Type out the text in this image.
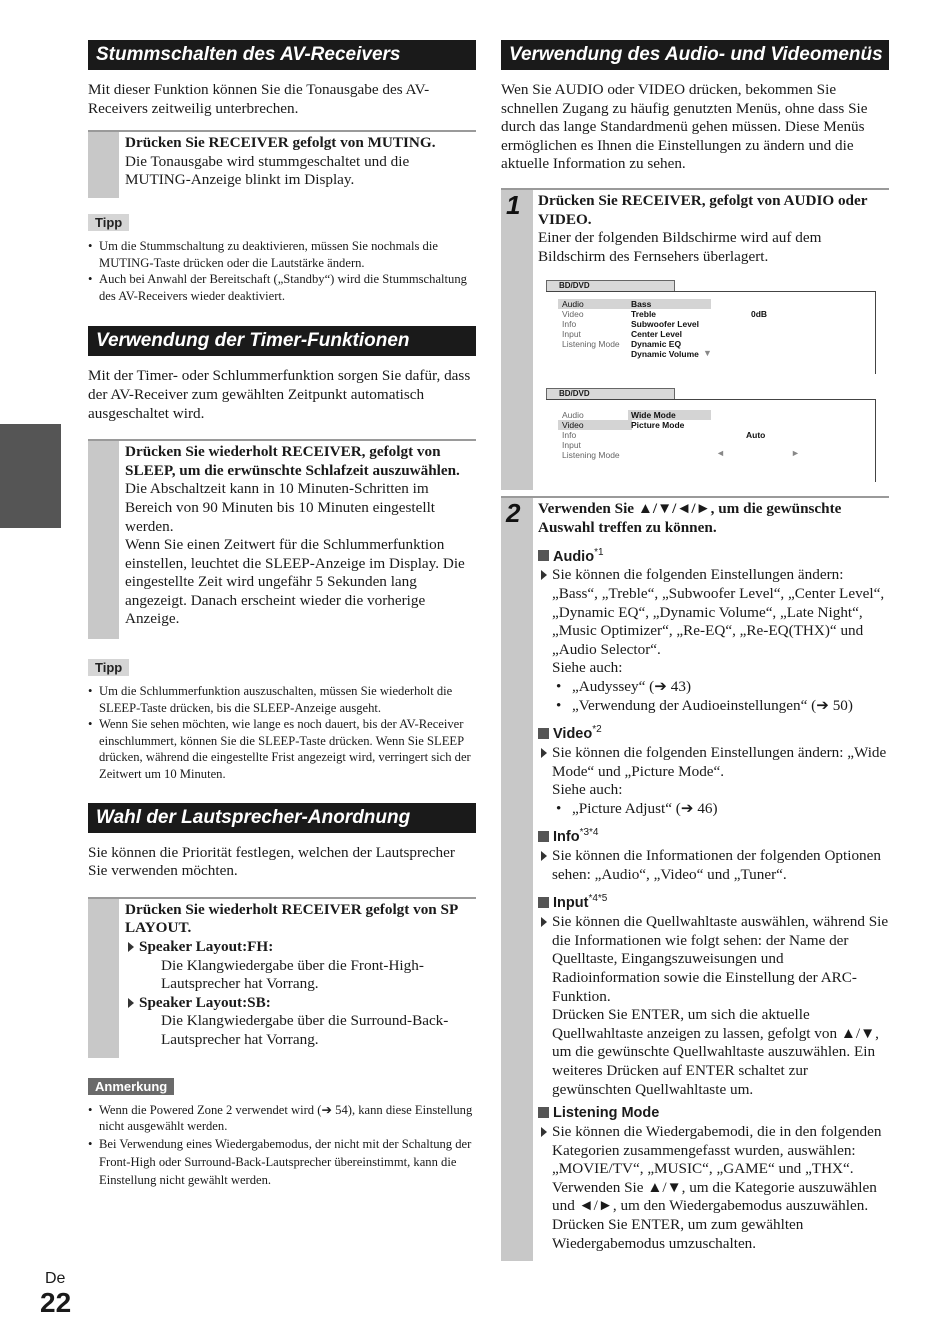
Stummschalten des AV-Receivers

Mit dieser Funktion können Sie die Tonausgabe des AV-Receivers zeitweilig unterbrechen.

Drücken Sie RECEIVER gefolgt von MUTING.
Die Tonausgabe wird stummgeschaltet und die MUTING-Anzeige blinkt im Display.
Tipp
• Um die Stummschaltung zu deaktivieren, müssen Sie nochmals die MUTING-Taste drücken oder die Lautstärke ändern.
• Auch bei Anwahl der Bereitschaft („Standby“) wird die Stummschaltung des AV-Receivers wieder deaktiviert.
Verwendung der Timer-Funktionen

Mit der Timer- oder Schlummerfunktion sorgen Sie dafür, dass der AV-Receiver zum gewählten Zeitpunkt automatisch ausgeschaltet wird.

Drücken Sie wiederholt RECEIVER, gefolgt von SLEEP, um die erwünschte Schlafzeit auszuwählen.
Die Abschaltzeit kann in 10 Minuten-Schritten im Bereich von 90 Minuten bis 10 Minuten eingestellt werden.
Wenn Sie einen Zeitwert für die Schlummerfunktion einstellen, leuchtet die SLEEP-Anzeige im Display. Die eingestellte Zeit wird ungefähr 5 Sekunden lang angezeigt. Danach erscheint wieder die vorherige Anzeige.
Tipp
• Um die Schlummerfunktion auszuschalten, müssen Sie wiederholt die SLEEP-Taste drücken, bis die SLEEP-Anzeige ausgeht.
• Wenn Sie sehen möchten, wie lange es noch dauert, bis der AV-Receiver einschlummert, können Sie die SLEEP-Taste drücken. Wenn Sie SLEEP drücken, während die eingestellte Frist angezeigt wird, verringert sich der Zeitwert um 10 Minuten.
Wahl der Lautsprecher-Anordnung

Sie können die Priorität festlegen, welchen der Lautsprecher Sie verwenden möchten.

Drücken Sie wiederholt RECEIVER gefolgt von SP LAYOUT.
Speaker Layout:FH:
Die Klangwiedergabe über die Front-High-Lautsprecher hat Vorrang.
Speaker Layout:SB:
Die Klangwiedergabe über die Surround-Back-Lautsprecher hat Vorrang.
Anmerkung
• Wenn die Powered Zone 2 verwendet wird (➔ 54), kann diese Einstellung nicht ausgewählt werden.
• Bei Verwendung eines Wiedergabemodus, der nicht mit der Schaltung der Front-High oder Surround-Back-Lautsprecher übereinstimmt, kann die Einstellung nicht gewählt werden.
Verwendung des Audio- und Videomenüs

Wen Sie AUDIO oder VIDEO drücken, bekommen Sie schnellen Zugang zu häufig genutzten Menüs, ohne dass Sie durch das lange Standardmenü gehen müssen. Diese Menüs ermöglichen es Ihnen die Einstellungen zu ändern und die aktuelle Information zu sehen.

1 Drücken Sie RECEIVER, gefolgt von AUDIO oder VIDEO.
Einer der folgenden Bildschirme wird auf dem Bildschirm des Fernsehers überlagert.
BD/DVD
Audio
Video
Info
Input
Listening Mode
Bass
Treble
Subwoofer Level
Center Level
Dynamic EQ
Dynamic Volume
0dB
▼
BD/DVD
Audio
Video
Info
Input
Listening Mode
Wide Mode
Picture Mode
Auto
◄	►
2 Verwenden Sie ▲/▼/◄/►, um die gewünschte Auswahl treffen zu können.
Audio$^{*1}$
Sie können die folgenden Einstellungen ändern: „Bass“, „Treble“, „Subwoofer Level“, „Center Level“, „Dynamic EQ“, „Dynamic Volume“, „Late Night“, „Music Optimizer“, „Re-EQ“, „Re-EQ(THX)“ und „Audio Selector“.
Siehe auch:
• „Audyssey“ (➔ 43)
• „Verwendung der Audioeinstellungen“ (➔ 50)
Video$^{*2}$
Sie können die folgenden Einstellungen ändern: „Wide Mode“ und „Picture Mode“.
Siehe auch:
• „Picture Adjust“ (➔ 46)
Info$^{*3*4}$
Sie können die Informationen der folgenden Optionen sehen: „Audio“, „Video“ und „Tuner“.
Input$^{*4*5}$
Sie können die Quellwahltaste auswählen, während Sie die Informationen wie folgt sehen: der Name der Quelltaste, Eingangszuweisungen und Radioinformation sowie die Einstellung der ARC-Funktion.
Drücken Sie ENTER, um sich die aktuelle Quellwahltaste anzeigen zu lassen, gefolgt von ▲/▼, um die gewünschte Quellwahltaste auszuwählen. Ein weiteres Drücken auf ENTER schaltet zur gewünschten Quellwahltaste um.
Listening Mode
Sie können die Wiedergabemodi, die in den folgenden Kategorien zusammengefasst wurden, auswählen: „MOVIE/TV“, „MUSIC“, „GAME“ und „THX“.
Verwenden Sie ▲/▼, um die Kategorie auszuwählen und ◄/►, um den Wiedergabemodus auszuwählen. Drücken Sie ENTER, um zum gewählten Wiedergabemodus umzuschalten.
De
22
